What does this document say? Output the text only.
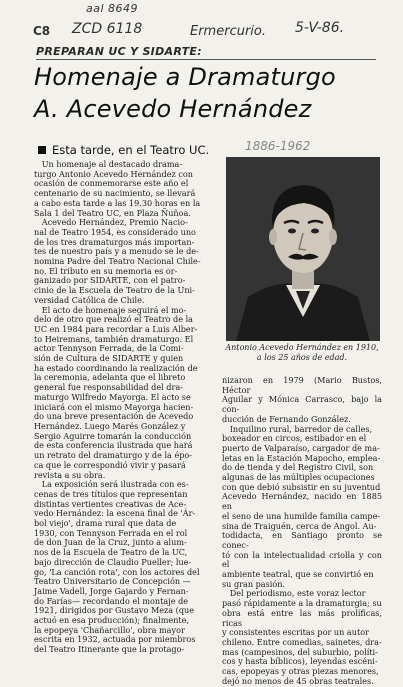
aal 8649
C8 ZCD 6118	Ermercurio. 5-V-86.
PREPARAN UC Y SIDARTE:
Homenaje a Dramaturgo
A. Acevedo Hernández
1886-1962
Esta tarde, en el Teatro UC.
Un homenaje al destacado drama-
turgo Antonio Acevedo Hernández con
ocasión de conmemorarse este año el
centenario de su nacimiento, se llevará
a cabo esta tarde a las 19.30 horas en la
Sala 1 del Teatro UC, en Plaza Ñuñoa.
Acevedo Hernández, Premio Nacio-
nal de Teatro 1954, es considerado uno
de los tres dramaturgos más importan-
tes de nuestro país y a menudo se le de-
nomina Padre del Teatro Nacional Chile-
no. El tributo en su memoria es or-
ganizado por SIDARTE, con el patro-
cinio de la Escuela de Teatro de la Uni-
versidad Católica de Chile.
El acto de homenaje seguirá el mo-
delo de otro que realizó el Teatro de la
UC en 1984 para recordar a Luis Alber-
to Heiremans, también dramaturgo. El
actor Tennyson Ferrada, de la Comi-
sión de Cultura de SIDARTE y quien
ha estado coordinando la realización de
la ceremonia, adelanta que el libreto
general fue responsabilidad del dra-
maturgo Wilfredo Mayorga. El acto se
iniciará con el mismo Mayorga hacien-
do una breve presentación de Acevedo
Hernández. Luego Marés González y
Sergio Aguirre tomarán la conducción
de esta conferencia ilustrada que hará
un retrato del dramaturgo y de la épo-
ca que le correspondió vivir y pasará
revista a su obra.
La exposición será ilustrada con es-
cenas de tres títulos que representan
distintas vertientes creativas de Ace-
vedo Hernández: la escena final de 'Ár-
bol viejo', drama rural que data de
1930, con Tennyson Ferrada en el rol
de don Juan de la Cruz, junto a alum-
nos de la Escuela de Teatro de la UC,
bajo dirección de Claudio Pueller; lue-
go, 'La canción rota', con los actores del
Teatro Universitario de Concepción —
Jaime Vadell, Jorge Gajardo y Fernan-
do Farías— recordando el montaje de
1921, dirigidos por Gustavo Meza (que
actuó en esa producción); finalmente,
la epopeya 'Chañarcillo', obra mayor
escrita en 1932, actuada por miembros
del Teatro Itinerante que la protago-
Antonio Acevedo Hernández en 1910, a los 25 años de edad.
nizaron en 1979 (Mario Bustos, Héctor
Aguilar y Mónica Carrasco, bajo la con-
ducción de Fernando González.
Inquilino rural, barredor de calles,
boxeador en circos, estibador en el
puerto de Valparaíso, cargador de ma-
letas en la Estación Mapocho, emplea-
do de tienda y del Registro Civil, son
algunas de las múltiples ocupaciones
con que debió subsistir en su juventud
Acevedo Hernández, nacido en 1885 en
el seno de una humilde familia campe-
sina de Traiguén, cerca de Angol. Au-
todidacta, en Santiago pronto se conec-
tó con la intelectualidad criolla y con el
ambiente teatral, que se convirtió en
su gran pasión.
Del periodismo, este voraz lector
pasó rápidamente a la dramaturgia; su
obra está entre las más prolíficas, ricas
y consistentes escritas por un autor
chileno. Entre comedias, sainetes, dra-
mas (campesinos, del suburbio, políti-
cos y hasta bíblicos), leyendas escéni-
cas, epopeyas y otras piezas menores,
dejó no menos de 45 obras teatrales.
